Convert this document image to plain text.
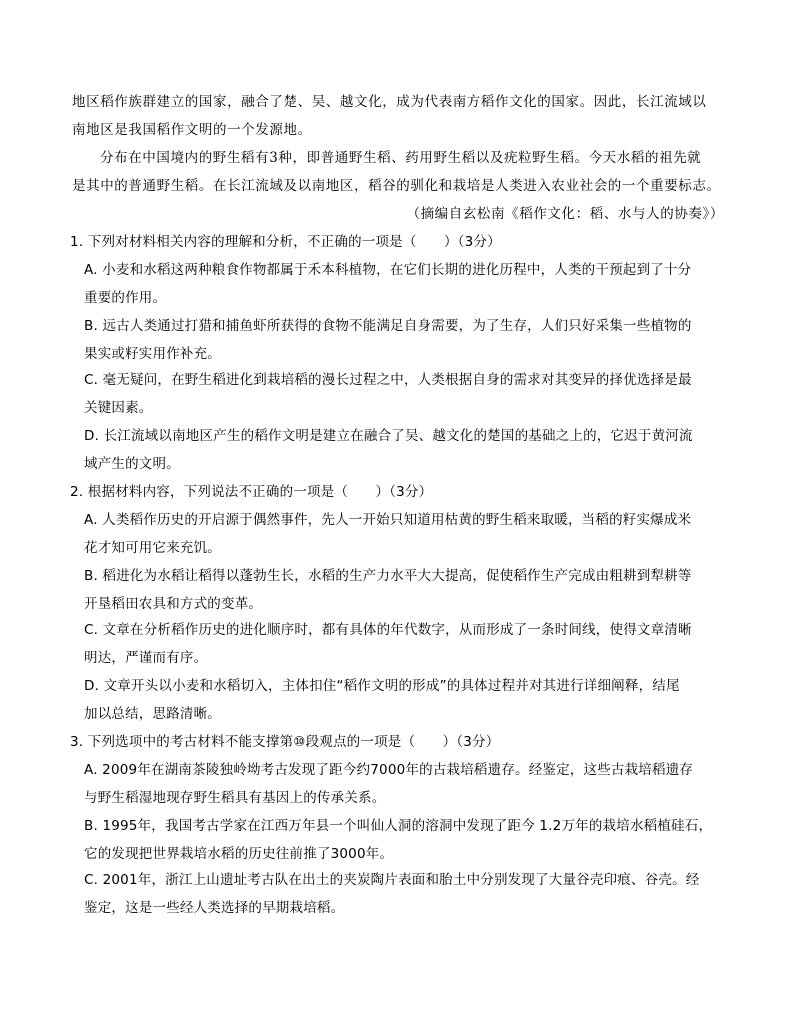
地区稻作族群建立的国家，融合了楚、吴、越文化，成为代表南方稻作文化的国家。因此，长江流域以
南地区是我国稻作文明的一个发源地。
分布在中国境内的野生稻有3种，即普通野生稻、药用野生稻以及疣粒野生稻。今天水稻的祖先就
是其中的普通野生稻。在长江流域及以南地区，稻谷的驯化和栽培是人类进入农业社会的一个重要标志。
（摘编自玄松南《稻作文化：稻、水与人的协奏》）
1. 下列对材料相关内容的理解和分析，不正确的一项是（　　）（3分）
A. 小麦和水稻这两种粮食作物都属于禾本科植物，在它们长期的进化历程中，人类的干预起到了十分
重要的作用。
B. 远古人类通过打猎和捕鱼虾所获得的食物不能满足自身需要，为了生存，人们只好采集一些植物的
果实或籽实用作补充。
C. 毫无疑问，在野生稻进化到栽培稻的漫长过程之中，人类根据自身的需求对其变异的择优选择是最
关键因素。
D. 长江流域以南地区产生的稻作文明是建立在融合了吴、越文化的楚国的基础之上的，它迟于黄河流
域产生的文明。
2. 根据材料内容，下列说法不正确的一项是（　　）（3分）
A. 人类稻作历史的开启源于偶然事件，先人一开始只知道用枯黄的野生稻来取暖，当稻的籽实爆成米
花才知可用它来充饥。
B. 稻进化为水稻让稻得以蓬勃生长，水稻的生产力水平大大提高，促使稻作生产完成由粗耕到犁耕等
开垦稻田农具和方式的变革。
C. 文章在分析稻作历史的进化顺序时，都有具体的年代数字，从而形成了一条时间线，使得文章清晰
明达，严谨而有序。
D. 文章开头以小麦和水稻切入，主体扣住“稻作文明的形成”的具体过程并对其进行详细阐释，结尾
加以总结，思路清晰。
3. 下列选项中的考古材料不能支撑第⑩段观点的一项是（　　）（3分）
A. 2009年在湖南茶陵独岭坳考古发现了距今约7000年的古栽培稻遗存。经鉴定，这些古栽培稻遗存
与野生稻湿地现存野生稻具有基因上的传承关系。
B. 1995年，我国考古学家在江西万年县一个叫仙人洞的溶洞中发现了距今 1.2万年的栽培水稻植硅石，
它的发现把世界栽培水稻的历史往前推了3000年。
C. 2001年，浙江上山遗址考古队在出土的夹炭陶片表面和胎土中分别发现了大量谷壳印痕、谷壳。经
鉴定，这是一些经人类选择的早期栽培稻。
